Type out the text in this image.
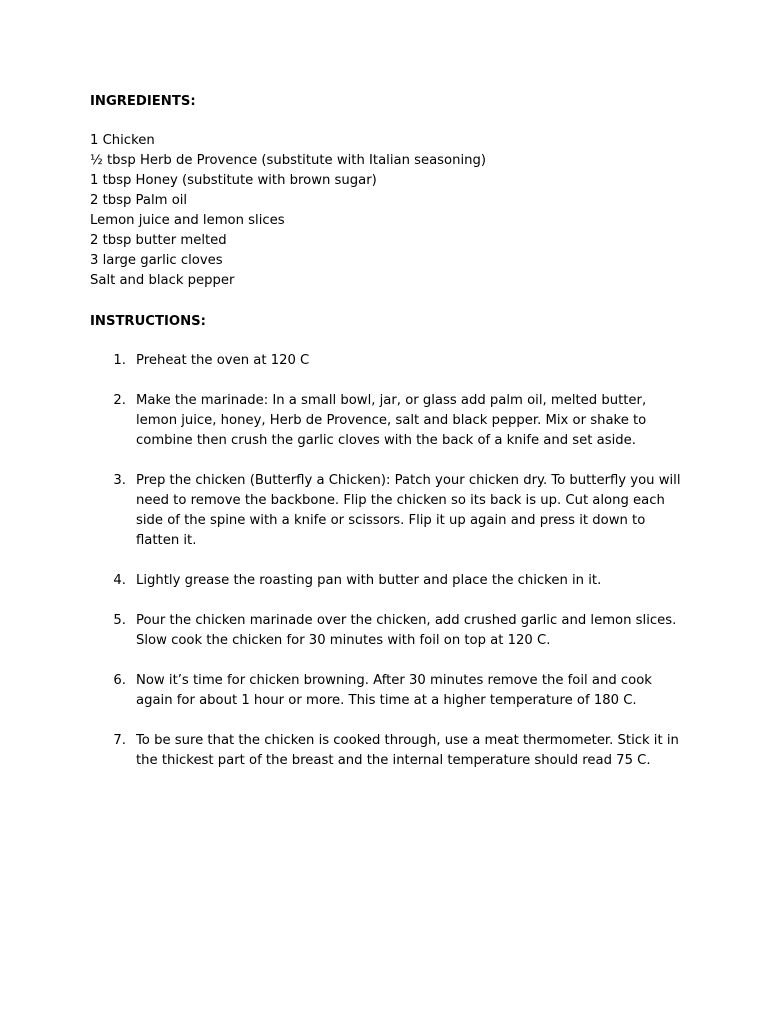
INGREDIENTS:
1 Chicken
½ tbsp Herb de Provence (substitute with Italian seasoning)
1 tbsp Honey (substitute with brown sugar)
2 tbsp Palm oil
Lemon juice and lemon slices
2 tbsp butter melted
3 large garlic cloves
Salt and black pepper
INSTRUCTIONS:
1. Preheat the oven at 120 C
2. Make the marinade: In a small bowl, jar, or glass add palm oil, melted butter, lemon juice, honey, Herb de Provence, salt and black pepper. Mix or shake to combine then crush the garlic cloves with the back of a knife and set aside.
3. Prep the chicken (Butterfly a Chicken): Patch your chicken dry. To butterfly you will need to remove the backbone. Flip the chicken so its back is up. Cut along each side of the spine with a knife or scissors. Flip it up again and press it down to flatten it.
4. Lightly grease the roasting pan with butter and place the chicken in it.
5. Pour the chicken marinade over the chicken, add crushed garlic and lemon slices. Slow cook the chicken for 30 minutes with foil on top at 120 C.
6. Now it’s time for chicken browning. After 30 minutes remove the foil and cook again for about 1 hour or more. This time at a higher temperature of 180 C.
7. To be sure that the chicken is cooked through, use a meat thermometer. Stick it in the thickest part of the breast and the internal temperature should read 75 C.
